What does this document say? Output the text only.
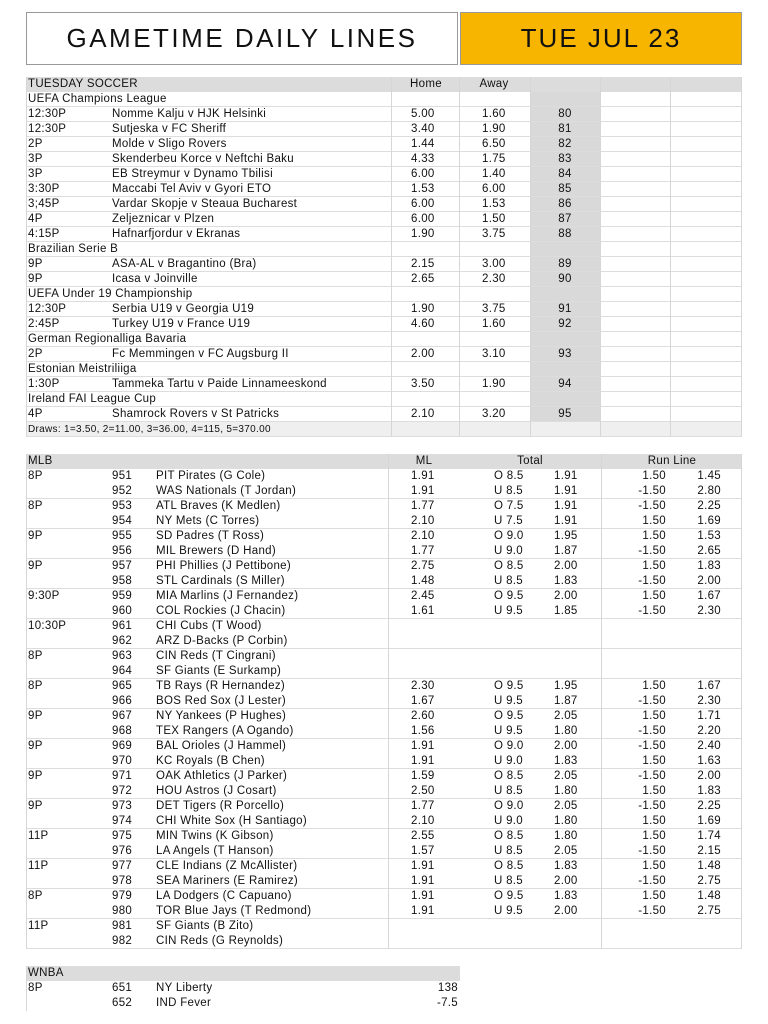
GAMETIME DAILY LINES	TUE JUL 23
TUESDAY SOCCER	Home	Away
UEFA Champions League
12:30P	Nomme Kalju v HJK Helsinki	5.00	1.60	80
12:30P	Sutjeska v FC Sheriff	3.40	1.90	81
2P	Molde v Sligo Rovers	1.44	6.50	82
3P	Skenderbeu Korce v Neftchi Baku	4.33	1.75	83
3P	EB Streymur v Dynamo Tbilisi	6.00	1.40	84
3:30P	Maccabi Tel Aviv v Gyori ETO	1.53	6.00	85
3;45P	Vardar Skopje v Steaua Bucharest	6.00	1.53	86
4P	Zeljeznicar v Plzen	6.00	1.50	87
4:15P	Hafnarfjordur v Ekranas	1.90	3.75	88
Brazilian Serie B
9P	ASA-AL v Bragantino (Bra)	2.15	3.00	89
9P	Icasa v Joinville	2.65	2.30	90
UEFA Under 19 Championship
12:30P	Serbia U19 v Georgia U19	1.90	3.75	91
2:45P	Turkey U19 v France U19	4.60	1.60	92
German Regionalliga Bavaria
2P	Fc Memmingen v FC Augsburg II	2.00	3.10	93
Estonian Meistriliiga
1:30P	Tammeka Tartu v Paide Linnameeskond	3.50	1.90	94
Ireland FAI League Cup
4P	Shamrock Rovers v St Patricks	2.10	3.20	95
Draws: 1=3.50, 2=11.00, 3=36.00, 4=115, 5=370.00
MLB	ML	Total	Run Line
8P	951	PIT Pirates (G Cole)	1.91	O 8.5	1.91	1.50	1.45
952	WAS Nationals (T Jordan)	1.91	U 8.5	1.91	-1.50	2.80
8P	953	ATL Braves (K Medlen)	1.77	O 7.5	1.91	-1.50	2.25
954	NY Mets (C Torres)	2.10	U 7.5	1.91	1.50	1.69
9P	955	SD Padres (T Ross)	2.10	O 9.0	1.95	1.50	1.53
956	MIL Brewers (D Hand)	1.77	U 9.0	1.87	-1.50	2.65
9P	957	PHI Phillies (J Pettibone)	2.75	O 8.5	2.00	1.50	1.83
958	STL Cardinals (S Miller)	1.48	U 8.5	1.83	-1.50	2.00
9:30P	959	MIA Marlins (J Fernandez)	2.45	O 9.5	2.00	1.50	1.67
960	COL Rockies (J Chacin)	1.61	U 9.5	1.85	-1.50	2.30
10:30P	961	CHI Cubs (T Wood)
962	ARZ D-Backs (P Corbin)
8P	963	CIN Reds (T Cingrani)
964	SF Giants (E Surkamp)
8P	965	TB Rays (R Hernandez)	2.30	O 9.5	1.95	1.50	1.67
966	BOS Red Sox (J Lester)	1.67	U 9.5	1.87	-1.50	2.30
9P	967	NY Yankees (P Hughes)	2.60	O 9.5	2.05	1.50	1.71
968	TEX Rangers (A Ogando)	1.56	U 9.5	1.80	-1.50	2.20
9P	969	BAL Orioles (J Hammel)	1.91	O 9.0	2.00	-1.50	2.40
970	KC Royals (B Chen)	1.91	U 9.0	1.83	1.50	1.63
9P	971	OAK Athletics (J Parker)	1.59	O 8.5	2.05	-1.50	2.00
972	HOU Astros (J Cosart)	2.50	U 8.5	1.80	1.50	1.83
9P	973	DET Tigers (R Porcello)	1.77	O 9.0	2.05	-1.50	2.25
974	CHI White Sox (H Santiago)	2.10	U 9.0	1.80	1.50	1.69
11P	975	MIN Twins (K Gibson)	2.55	O 8.5	1.80	1.50	1.74
976	LA Angels (T Hanson)	1.57	U 8.5	2.05	-1.50	2.15
11P	977	CLE Indians (Z McAllister)	1.91	O 8.5	1.83	1.50	1.48
978	SEA Mariners (E Ramirez)	1.91	U 8.5	2.00	-1.50	2.75
8P	979	LA Dodgers (C Capuano)	1.91	O 9.5	1.83	1.50	1.48
980	TOR Blue Jays (T Redmond)	1.91	U 9.5	2.00	-1.50	2.75
11P	981	SF Giants (B Zito)
982	CIN Reds (G Reynolds)
WNBA
8P	651	NY Liberty	138
652	IND Fever	-7.5
